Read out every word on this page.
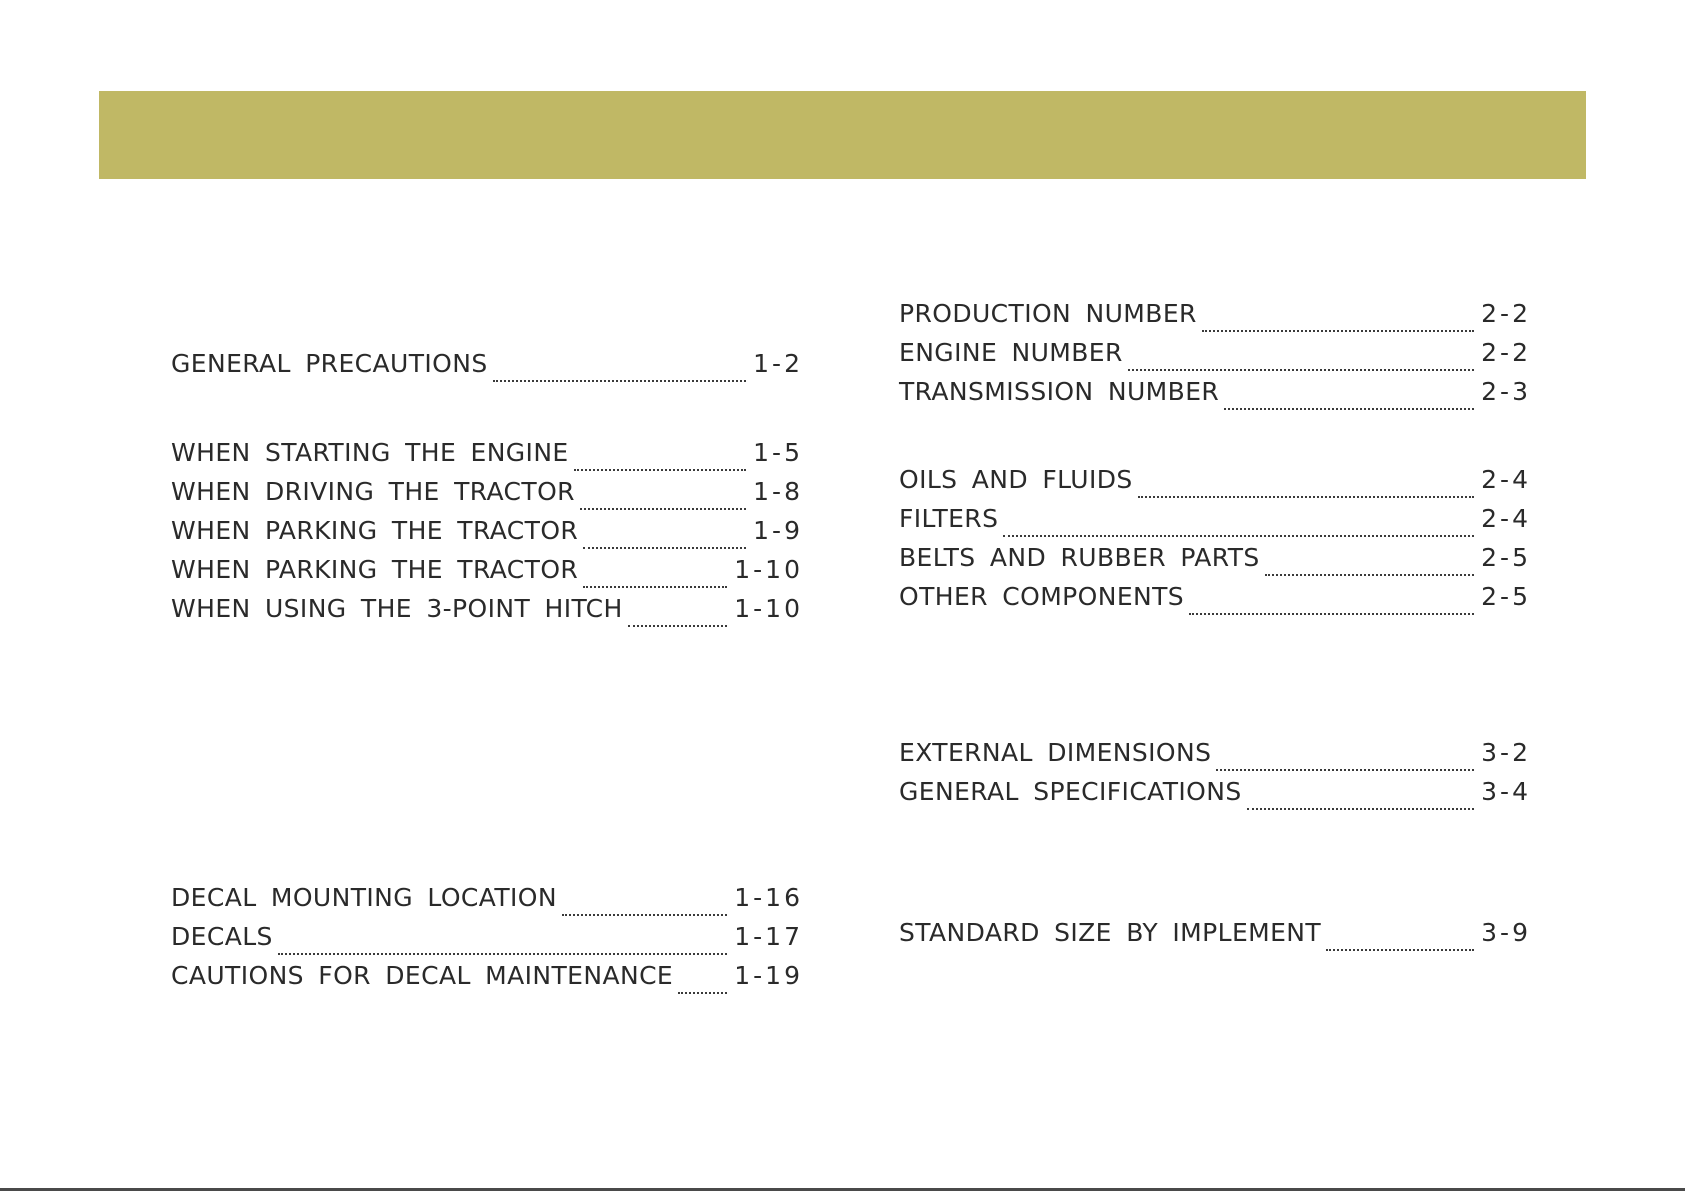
GENERAL PRECAUTIONS	1-2
WHEN STARTING THE ENGINE	1-5
WHEN DRIVING THE TRACTOR	1-8
WHEN PARKING THE TRACTOR	1-9
WHEN PARKING THE TRACTOR	1-10
WHEN USING THE 3-POINT HITCH	1-10
DECAL MOUNTING LOCATION	1-16
DECALS	1-17
CAUTIONS FOR DECAL MAINTENANCE 1-19
PRODUCTION NUMBER	2-2
ENGINE NUMBER	2-2
TRANSMISSION NUMBER	2-3
OILS AND FLUIDS	2-4
FILTERS	2-4
BELTS AND RUBBER PARTS	2-5
OTHER COMPONENTS	2-5
EXTERNAL DIMENSIONS	3-2
GENERAL SPECIFICATIONS	3-4
STANDARD SIZE BY IMPLEMENT	3-9
